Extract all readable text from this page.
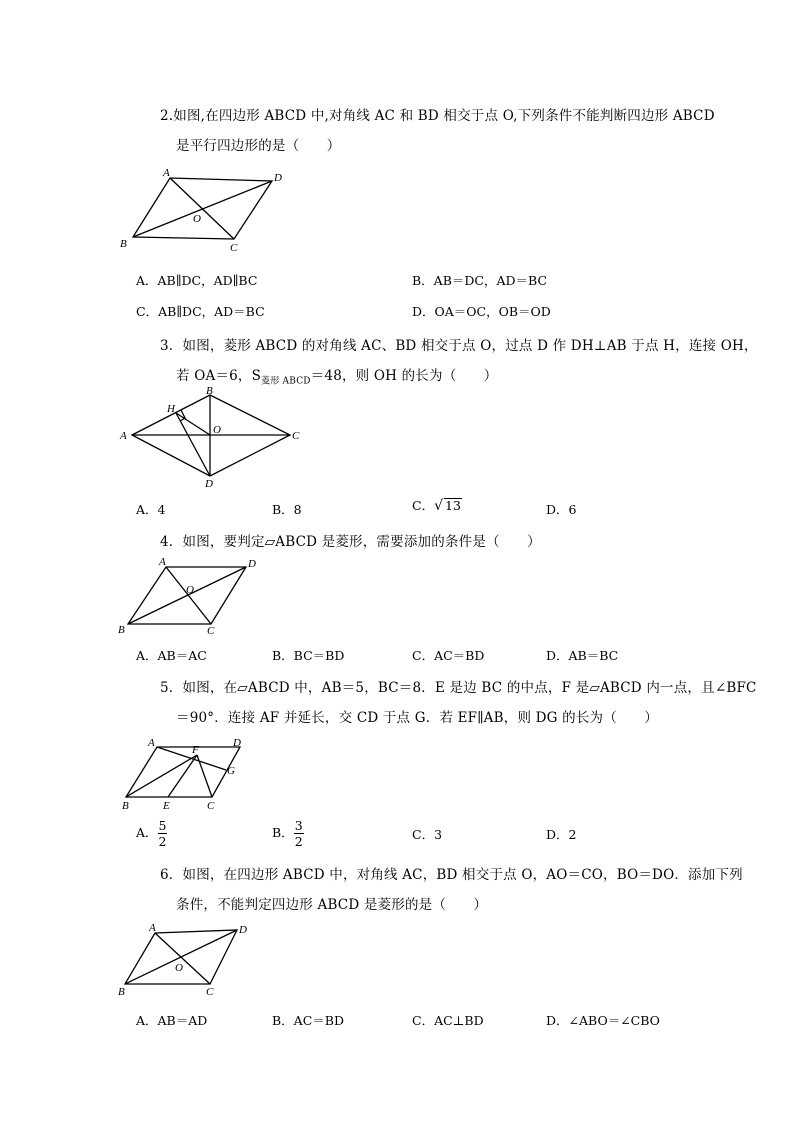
2.如图,在四边形 ABCD 中,对角线 AC 和 BD 相交于点 O,下列条件不能判断四边形 ABCD
是平行四边形的是（　　）
A	D
B	C
O
A．AB∥DC，AD∥BC	B．AB＝DC，AD＝BC
C．AB∥DC，AD＝BC	D．OA＝OC，OB＝OD
3．如图，菱形 ABCD 的对角线 AC、BD 相交于点 O，过点 D 作 DH⊥AB 于点 H，连接 OH，
若 OA＝6，$S_{菱形 ABCD}=48$，则 OH 的长为（　　）
A
B
C
D
O
H
A．4	B．8	C．√ 13	D．6
4．如图，要判定▱ABCD 是菱形，需要添加的条件是（　　）
A	D
B	C
O
A．AB＝AC	B．BC＝BD	C．AC＝BD	D．AB＝BC
5．如图，在▱ABCD 中，AB＝5，BC＝8．E 是边 BC 的中点，F 是▱ABCD 内一点，且∠BFC
＝90°．连接 AF 并延长，交 CD 于点 G．若 EF∥AB，则 DG 的长为（　　）
A	D
F
G
B	E	C
A． $\frac{5}{2}$	B． $\frac{3}{2}$	C．3	D．2
6．如图，在四边形 ABCD 中，对角线 AC，BD 相交于点 O，AO＝CO，BO＝DO．添加下列
条件，不能判定四边形 ABCD 是菱形的是（　　）
A	D
B	C
O
A．AB＝AD	B．AC＝BD	C．AC⊥BD	D．∠ABO＝∠CBO
